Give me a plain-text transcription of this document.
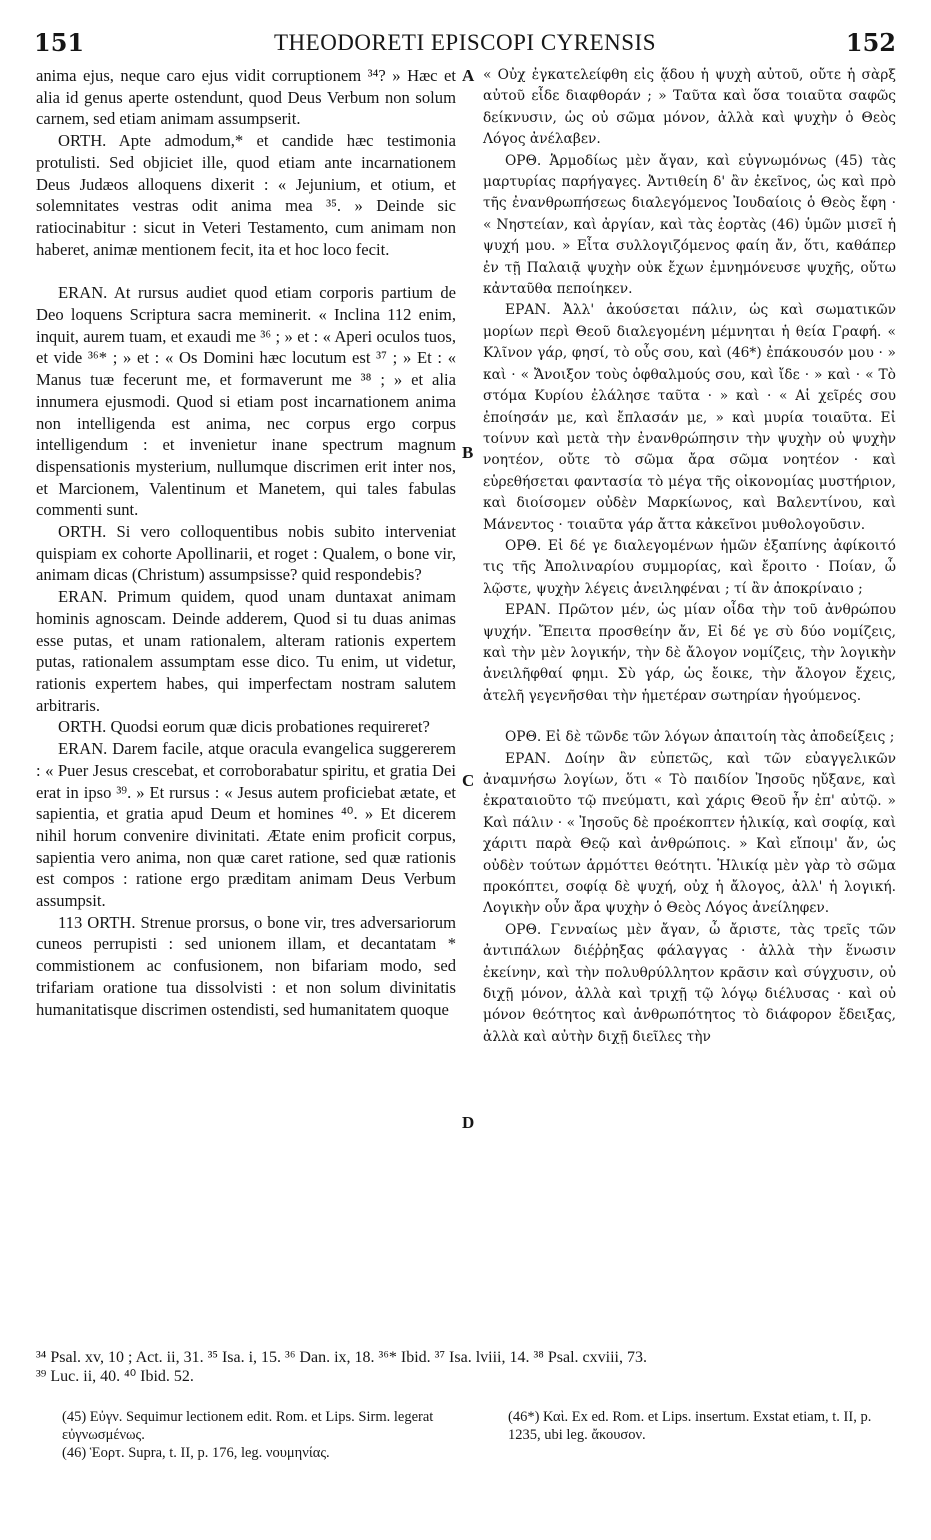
151	THEODORETI EPISCOPI CYRENSIS	152

anima ejus, neque caro ejus vidit corruptionem ³⁴? » Hæc et alia id genus aperte ostendunt, quod Deus Verbum non solum carnem, sed etiam animam assumpserit.

ORTH. Apte admodum,* et candide hæc testimonia protulisti. Sed objiciet ille, quod etiam ante incarnationem Deus Judæos alloquens dixerit : « Jejunium, et otium, et solemnitates vestras odit anima mea ³⁵. » Deinde sic ratiocinabitur : sicut in Veteri Testamento, cum animam non haberet, animæ mentionem fecit, ita et hoc loco fecit.

ERAN. At rursus audiet quod etiam corporis partium de Deo loquens Scriptura sacra meminerit. « Inclina 112 enim, inquit, aurem tuam, et exaudi me ³⁶ ; » et : « Aperi oculos tuos, et vide ³⁶* ; » et : « Os Domini hæc locutum est ³⁷ ; » Et : « Manus tuæ fecerunt me, et formaverunt me ³⁸ ; » et alia innumera ejusmodi. Quod si etiam post incarnationem anima non intelligenda est anima, nec corpus ergo corpus intelligendum : et invenietur inane spectrum magnum dispensationis mysterium, nullumque discrimen erit inter nos, et Marcionem, Valentinum et Manetem, qui tales fabulas commenti sunt.

ORTH. Si vero colloquentibus nobis subito interveniat quispiam ex cohorte Apollinarii, et roget : Qualem, o bone vir, animam dicas (Christum) assumpsisse? quid respondebis?

ERAN. Primum quidem, quod unam duntaxat animam hominis agnoscam. Deinde adderem, Quod si tu duas animas esse putas, et unam rationalem, alteram rationis expertem putas, rationalem assumptam esse dico. Tu enim, ut videtur, rationis expertem habes, qui imperfectam nostram salutem arbitraris.

ORTH. Quodsi eorum quæ dicis probationes requireret?

ERAN. Darem facile, atque oracula evangelica suggererem : « Puer Jesus crescebat, et corroborabatur spiritu, et gratia Dei erat in ipso ³⁹. » Et rursus : « Jesus autem proficiebat ætate, et sapientia, et gratia apud Deum et homines ⁴⁰. » Et dicerem nihil horum convenire divinitati. Ætate enim proficit corpus, sapientia vero anima, non quæ caret ratione, sed quæ rationis est compos : ratione ergo præditam animam Deus Verbum assumpsit.

113 ORTH. Strenue prorsus, o bone vir, tres adversariorum cuneos perrupisti : sed unionem illam, et decantatam * commistionem ac confusionem, non bifariam modo, sed trifariam oratione tua dissolvisti : et non solum divinitatis humanitatisque discrimen ostendisti, sed humanitatem quoque

A
B
C
D

« Οὐχ ἐγκατελείφθη εἰς ᾅδου ἡ ψυχὴ αὐτοῦ, οὔτε ἡ σὰρξ αὐτοῦ εἶδε διαφθοράν ; » Ταῦτα καὶ ὅσα τοιαῦτα σαφῶς δείκνυσιν, ὡς οὐ σῶμα μόνον, ἀλλὰ καὶ ψυχὴν ὁ Θεὸς Λόγος ἀνέλαβεν.

ΟΡΘ. Ἁρμοδίως μὲν ἄγαν, καὶ εὐγνωμόνως (45) τὰς μαρτυρίας παρήγαγες. Ἀντιθείη δ' ἂν ἐκεῖνος, ὡς καὶ πρὸ τῆς ἐνανθρωπήσεως διαλεγόμενος Ἰουδαίοις ὁ Θεὸς ἔφη · « Νηστείαν, καὶ ἀργίαν, καὶ τὰς ἑορτὰς (46) ὑμῶν μισεῖ ἡ ψυχή μου. » Εἶτα συλλογιζόμενος φαίη ἄν, ὅτι, καθάπερ ἐν τῇ Παλαιᾷ ψυχὴν οὐκ ἔχων ἐμνημόνευσε ψυχῆς, οὕτω κἀνταῦθα πεποίηκεν.

ΕΡΑΝ. Ἀλλ' ἀκούσεται πάλιν, ὡς καὶ σωματικῶν μορίων περὶ Θεοῦ διαλεγομένη μέμνηται ἡ θεία Γραφή. « Κλῖνον γάρ, φησί, τὸ οὖς σου, καὶ (46*) ἐπάκουσόν μου · » καὶ · « Ἄνοιξον τοὺς ὀφθαλμούς σου, καὶ ἴδε · » καὶ · « Τὸ στόμα Κυρίου ἐλάλησε ταῦτα · » καὶ · « Αἱ χεῖρές σου ἐποίησάν με, καὶ ἔπλασάν με, » καὶ μυρία τοιαῦτα. Εἰ τοίνυν καὶ μετὰ τὴν ἐνανθρώπησιν τὴν ψυχὴν οὐ ψυχὴν νοητέον, οὔτε τὸ σῶμα ἄρα σῶμα νοητέον · καὶ εὑρεθήσεται φαντασία τὸ μέγα τῆς οἰκονομίας μυστήριον, καὶ διοίσομεν οὐδὲν Μαρκίωνος, καὶ Βαλεντίνου, καὶ Μάνεντος · τοιαῦτα γάρ ἄττα κἀκεῖνοι μυθολογοῦσιν.

ΟΡΘ. Εἰ δέ γε διαλεγομένων ἡμῶν ἐξαπίνης ἀφίκοιτό τις τῆς Ἀπολιναρίου συμμορίας, καὶ ἔροιτο · Ποίαν, ὦ λῷστε, ψυχὴν λέγεις ἀνειληφέναι ; τί ἂν ἀποκρίναιο ;

ΕΡΑΝ. Πρῶτον μέν, ὡς μίαν οἶδα τὴν τοῦ ἀνθρώπου ψυχήν. Ἔπειτα προσθείην ἄν, Εἰ δέ γε σὺ δύο νομίζεις, καὶ τὴν μὲν λογικήν, τὴν δὲ ἄλογον νομίζεις, τὴν λογικὴν ἀνειλῆφθαί φημι. Σὺ γάρ, ὡς ἔοικε, τὴν ἄλογον ἔχεις, ἀτελῆ γεγενῆσθαι τὴν ἡμετέραν σωτηρίαν ἡγούμενος.

ΟΡΘ. Εἰ δὲ τῶνδε τῶν λόγων ἀπαιτοίη τὰς ἀποδείξεις ;

ΕΡΑΝ. Δοίην ἂν εὐπετῶς, καὶ τῶν εὐαγγελικῶν ἀναμνήσω λογίων, ὅτι « Τὸ παιδίον Ἰησοῦς ηὔξανε, καὶ ἐκραταιοῦτο τῷ πνεύματι, καὶ χάρις Θεοῦ ἦν ἐπ' αὐτῷ. » Καὶ πάλιν · « Ἰησοῦς δὲ προέκοπτεν ἡλικίᾳ, καὶ σοφίᾳ, καὶ χάριτι παρὰ Θεῷ καὶ ἀνθρώποις. » Καὶ εἴποιμ' ἄν, ὡς οὐδὲν τούτων ἁρμόττει θεότητι. Ἡλικίᾳ μὲν γὰρ τὸ σῶμα προκόπτει, σοφίᾳ δὲ ψυχή, οὐχ ἡ ἄλογος, ἀλλ' ἡ λογική. Λογικὴν οὖν ἄρα ψυχὴν ὁ Θεὸς Λόγος ἀνείληφεν.

ΟΡΘ. Γενναίως μὲν ἄγαν, ὦ ἄριστε, τὰς τρεῖς τῶν ἀντιπάλων διέῤῥηξας φάλαγγας · ἀλλὰ τὴν ἕνωσιν ἐκείνην, καὶ τὴν πολυθρύλλητον κρᾶσιν καὶ σύγχυσιν, οὐ διχῇ μόνον, ἀλλὰ καὶ τριχῇ τῷ λόγῳ διέλυσας · καὶ οὐ μόνον θεότητος καὶ ἀνθρωπότητος τὸ διάφορον ἔδειξας, ἀλλὰ καὶ αὐτὴν διχῇ διεῖλες τὴν

³⁴ Psal. xv, 10 ; Act. ii, 31. ³⁵ Isa. i, 15. ³⁶ Dan. ix, 18. ³⁶* Ibid. ³⁷ Isa. lviii, 14. ³⁸ Psal. cxviii, 73.
³⁹ Luc. ii, 40. ⁴⁰ Ibid. 52.
(45) Εὐγν. Sequimur lectionem edit. Rom. et Lips. Sirm. legerat εὐγνωσμένως.
(46) Ἑορτ. Supra, t. II, p. 176, leg. νουμηνίας.
(46*) Καὶ. Ex ed. Rom. et Lips. insertum. Exstat etiam, t. II, p. 1235, ubi leg. ἄκουσον.
